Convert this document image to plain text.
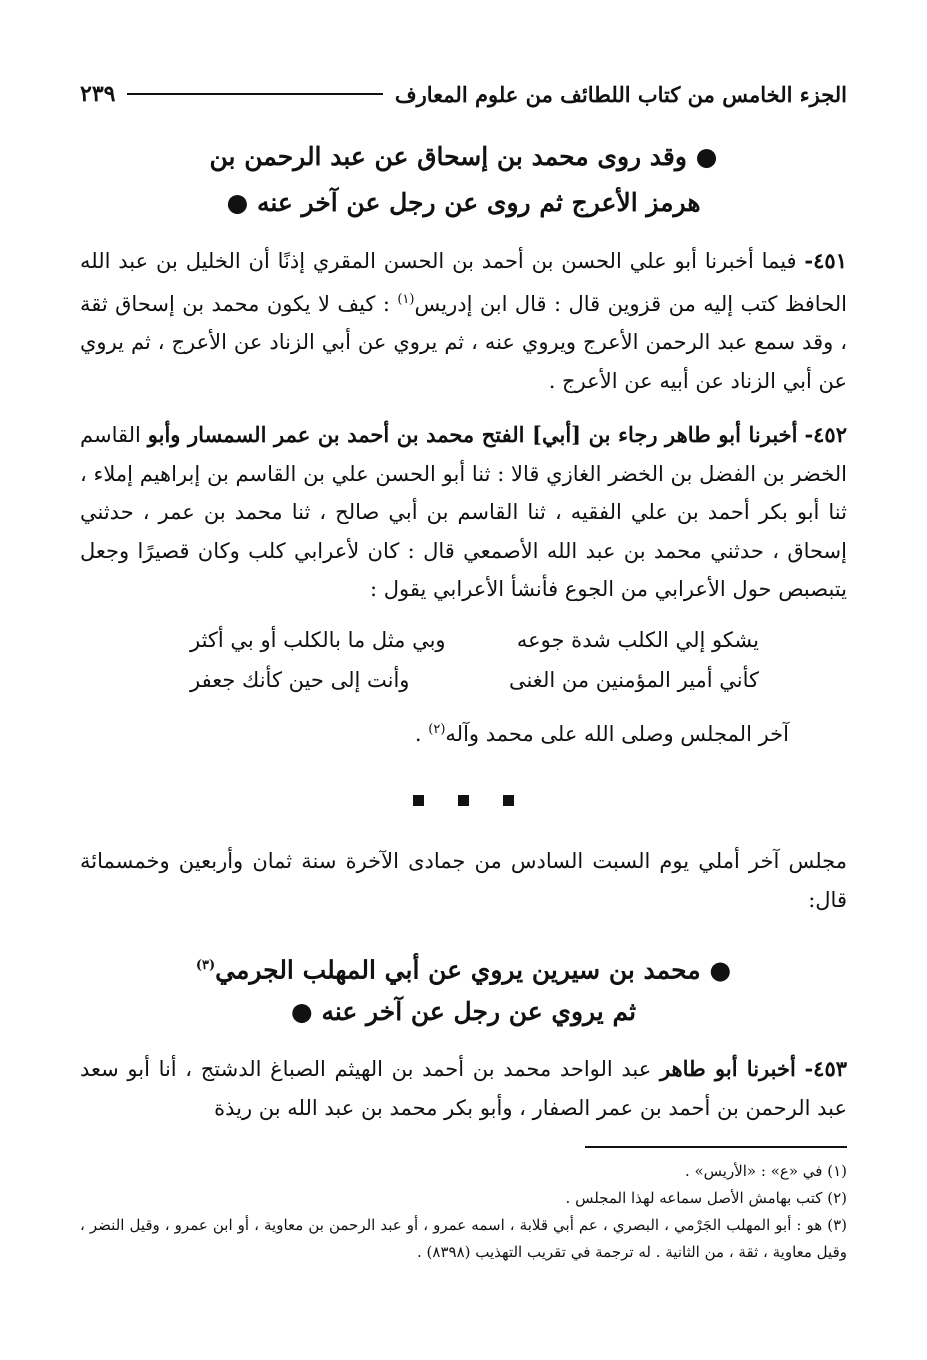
الجزء الخامس من كتاب اللطائف من علوم المعارف
٢٣٩
● وقد روى محمد بن إسحاق عن عبد الرحمن بن
هرمز الأعرج ثم روى عن رجل عن آخر عنه ●
٤٥١- فيما أخبرنا أبو علي الحسن بن أحمد بن الحسن المقري إذنًا أن الخليل بن عبد الله الحافظ كتب إليه من قزوين قال : قال ابن إدريس$^{(١)}$ : كيف لا يكون محمد بن إسحاق ثقة ، وقد سمع عبد الرحمن الأعرج ويروي عنه ، ثم يروي عن أبي الزناد عن الأعرج ، ثم يروي عن أبي الزناد عن أبيه عن الأعرج .
٤٥٢- أخبرنا أبو طاهر رجاء بن [أبي] الفتح محمد بن أحمد بن عمر السمسار وأبو القاسم الخضر بن الفضل بن الخضر الغازي قالا : ثنا أبو الحسن علي بن القاسم بن إبراهيم إملاء ، ثنا أبو بكر أحمد بن علي الفقيه ، ثنا القاسم بن أبي صالح ، ثنا محمد بن عمر ، حدثني إسحاق ، حدثني محمد بن عبد الله الأصمعي قال : كان لأعرابي كلب وكان قصيرًا وجعل يتبصبص حول الأعرابي من الجوع فأنشأ الأعرابي يقول :
يشكو إلي الكلب شدة جوعه
وبي مثل ما بالكلب أو بي أكثر
كأني أمير المؤمنين من الغنى
وأنت إلى حين كأنك جعفر
آخر المجلس وصلى الله على محمد وآله$^{(٢)}$ .
مجلس آخر أملي يوم السبت السادس من جمادى الآخرة سنة ثمان وأربعين وخمسمائة قال:
● محمد بن سيرين يروي عن أبي المهلب الجرمي$^{(٣)}$
ثم يروي عن رجل عن آخر عنه ●
٤٥٣- أخبرنا أبو طاهر عبد الواحد محمد بن أحمد بن الهيثم الصباغ الدشتج ، أنا أبو سعد عبد الرحمن بن أحمد بن عمر الصفار ، وأبو بكر محمد بن عبد الله بن ريذة

(١) في «ع» : «الأريس» .

(٢) كتب بهامش الأصل سماعه لهذا المجلس .

(٣) هو : أبو المهلب الجَرْمي ، البصري ، عم أبي قلابة ، اسمه عمرو ، أو عبد الرحمن بن معاوية ، أو ابن عمرو ، وقيل النضر ، وقيل معاوية ، ثقة ، من الثانية . له ترجمة في تقريب التهذيب (٨٣٩٨) .
